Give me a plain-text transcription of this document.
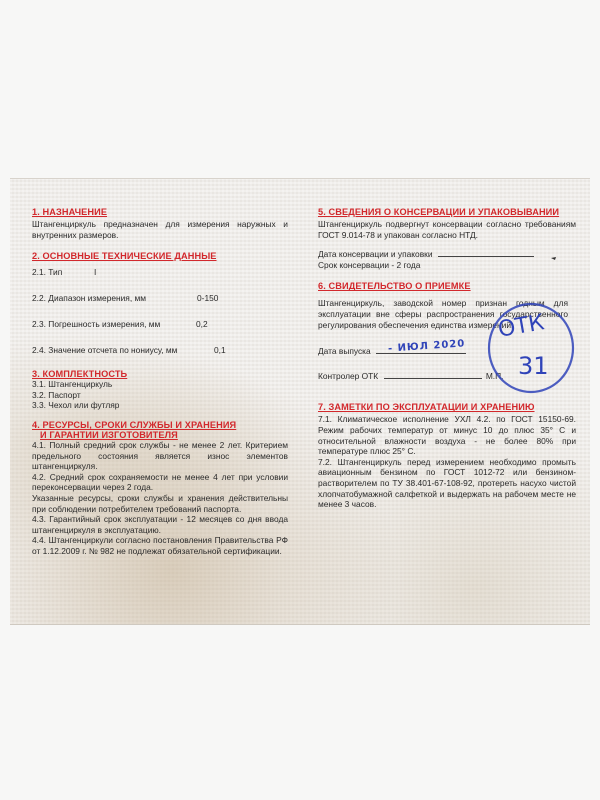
1. НАЗНАЧЕНИЕ
Штангенциркуль предназначен для измерения наружных и внутренних размеров.
2. ОСНОВНЫЕ ТЕХНИЧЕСКИЕ ДАННЫЕ
2.1. Тип	I
2.2. Диапазон измерения, мм	0-150
2.3. Погрешность измерения, мм	0,2
2.4. Значение отсчета по нониусу, мм	0,1
3. КОМПЛЕКТНОСТЬ
3.1. Штангенциркуль
3.2. Паспорт
3.3. Чехол или футляр
4. РЕСУРСЫ, СРОКИ СЛУЖБЫ И ХРАНЕНИЯ
И ГАРАНТИИ ИЗГОТОВИТЕЛЯ
4.1. Полный средний срок службы - не менее 2 лет. Критерием предельного состояния является износ элементов штангенциркуля.
4.2. Средний срок сохраняемости не менее 4 лет при условии переконсервации через 2 года.
Указанные ресурсы, сроки службы и хранения действительны при соблюдении потребителем требований паспорта.
4.3. Гарантийный срок эксплуатации - 12 месяцев со дня ввода штангенциркуля в эксплуатацию.
4.4. Штангенциркули согласно постановления Правительства РФ от 1.12.2009 г. № 982 не подлежат обязательной сертификации.
5. СВЕДЕНИЯ О КОНСЕРВАЦИИ И УПАКОВЫВАНИИ
Штангенциркуль подвергнут консервации согласно требованиям ГОСТ 9.014-78 и упакован согласно НТД.
Дата консервации и упаковки
Срок консервации - 2 года
6. СВИДЕТЕЛЬСТВО О ПРИЕМКЕ
Штангенциркуль, заводской номер признан годным для эксплуатации вне сферы распространения государственного регулирования обеспечения единства измерений.
Дата выпуска - ИЮЛ 2020
Контролер ОТК	М.П.
7. ЗАМЕТКИ ПО ЭКСПЛУАТАЦИИ И ХРАНЕНИЮ
7.1. Климатическое исполнение УХЛ 4.2. по ГОСТ 15150-69. Режим рабочих температур от минус 10 до плюс 35° С и относительной влажности воздуха - не более 80% при температуре плюс 25° С.
7.2. Штангенциркуль перед измерением необходимо промыть авиационным бензином по ГОСТ 1012-72 или бензином-растворителем по ТУ 38.401-67-108-92, протереть насухо чистой хлопчатобумажной салфеткой и выдержать на рабочем месте не менее 3 часов.
ОТК
31
